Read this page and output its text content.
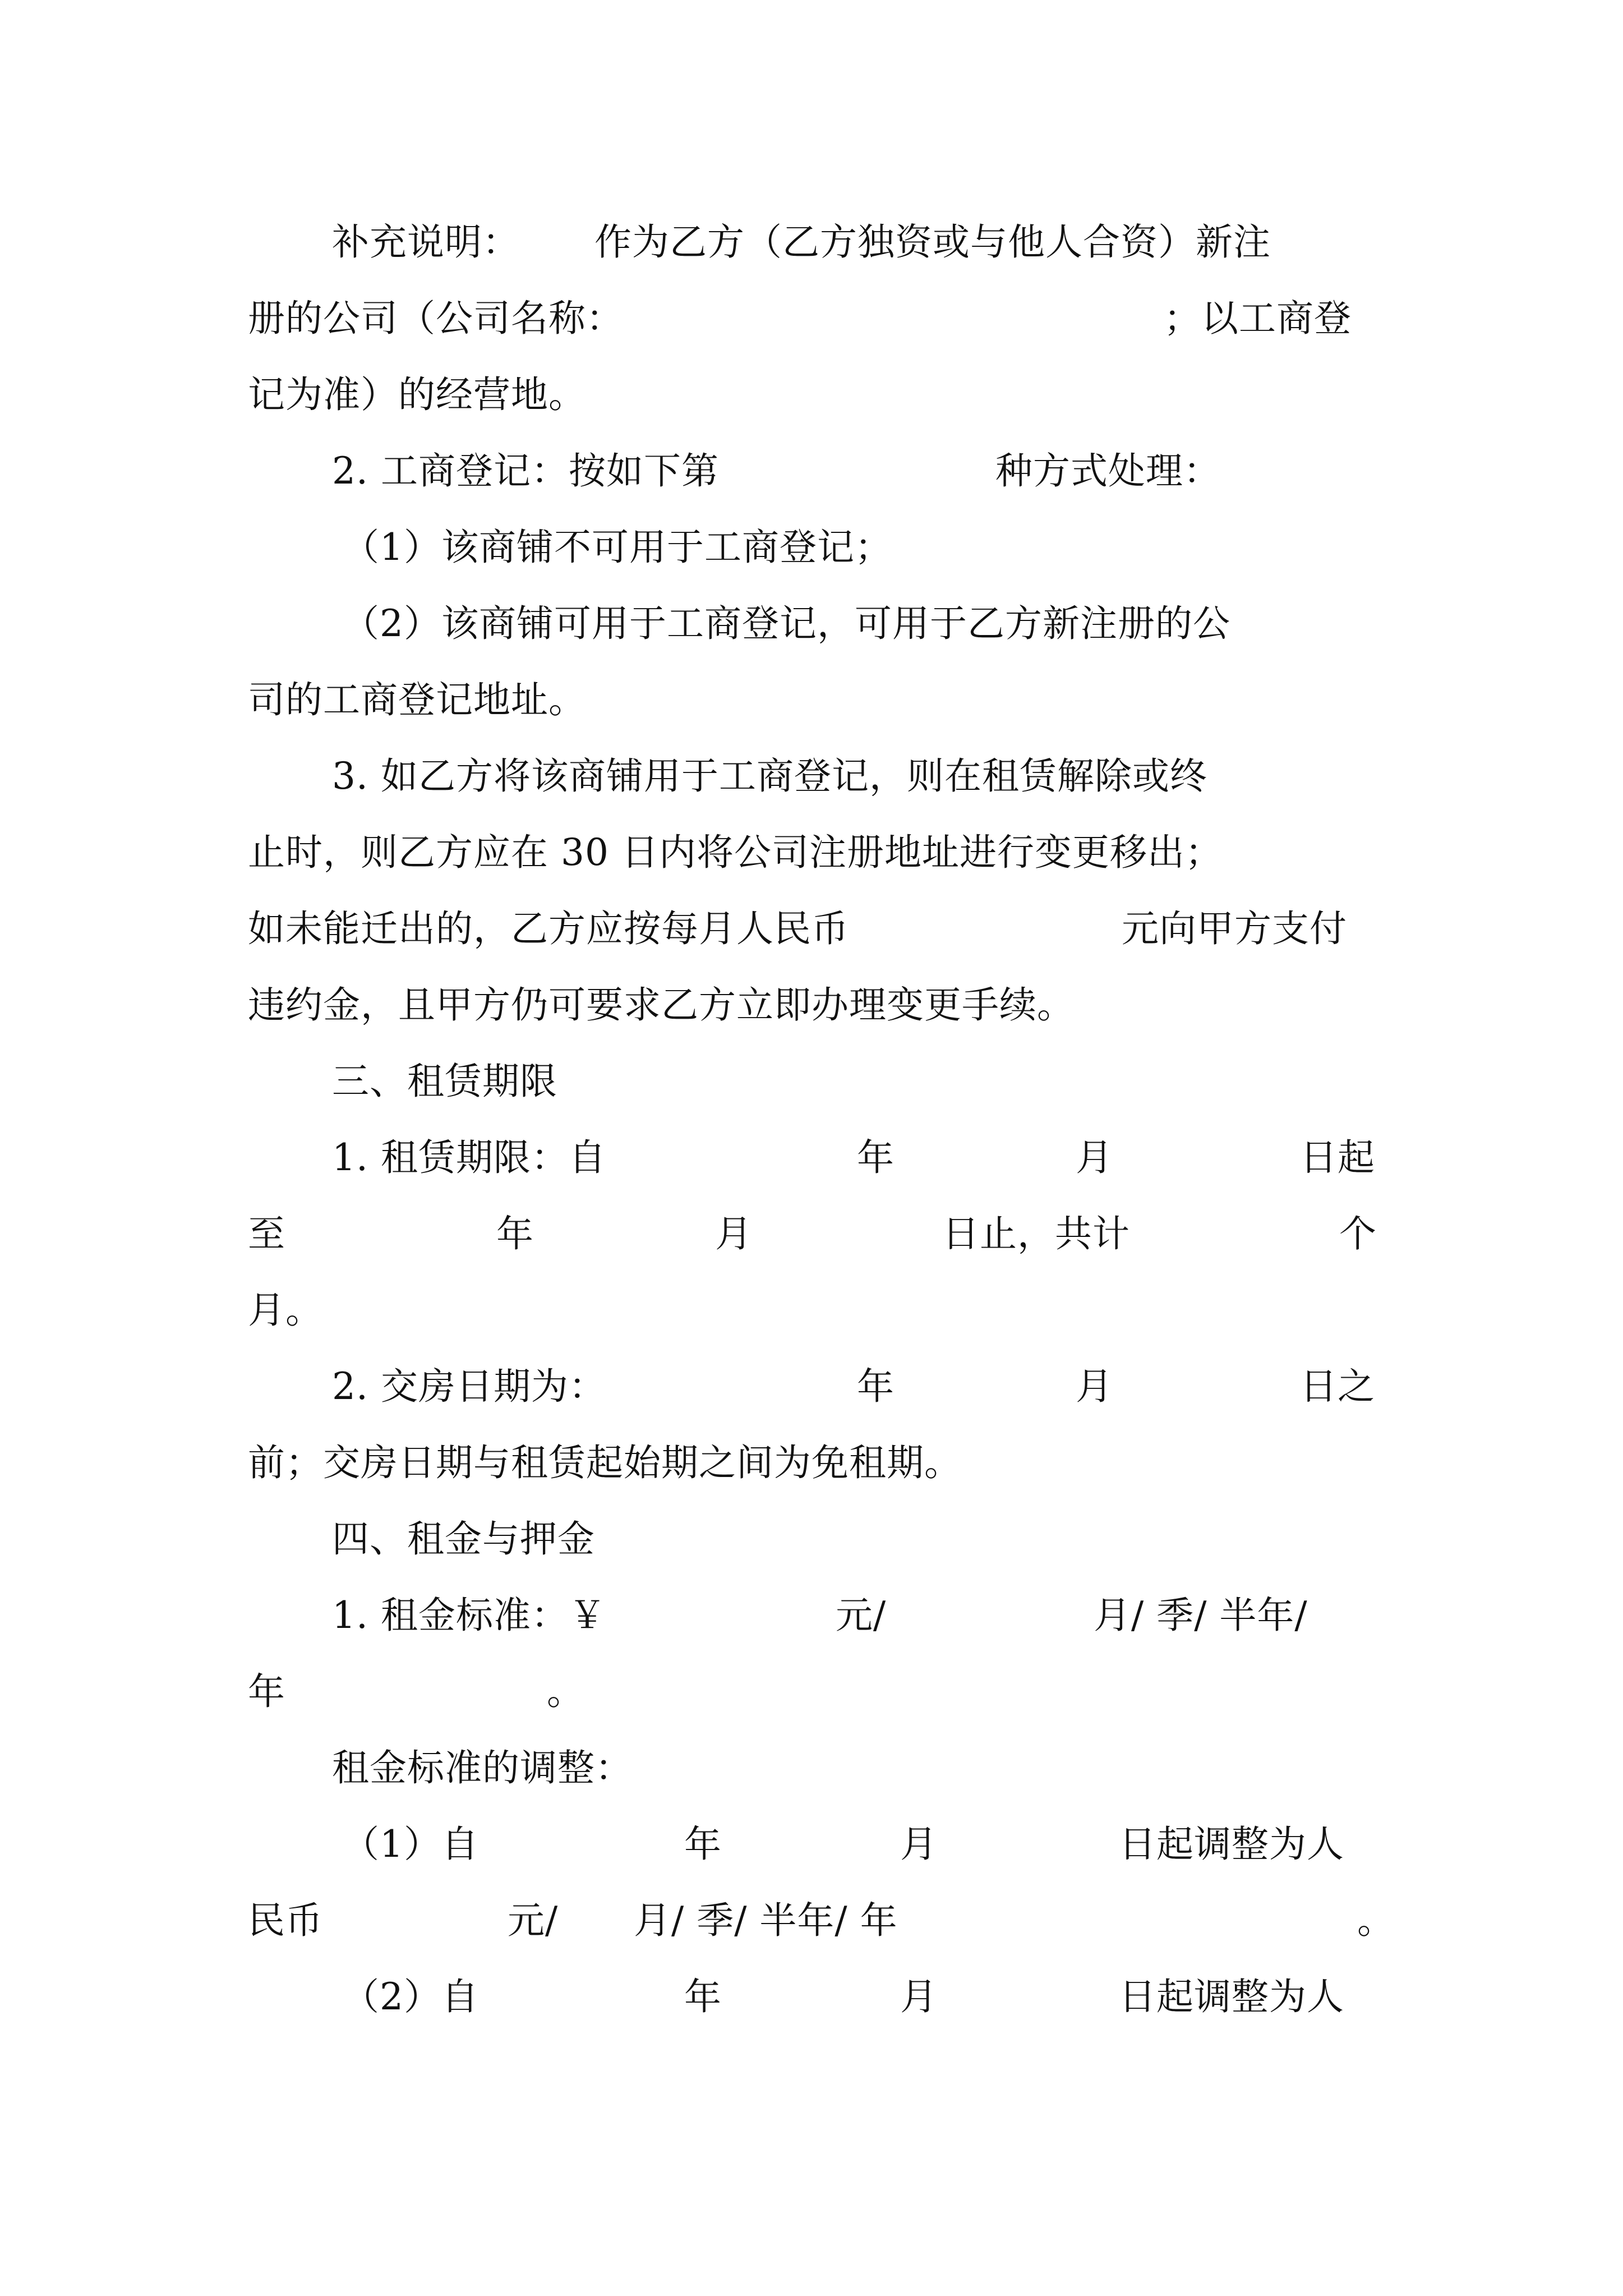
补充说明： 作为乙方（乙方独资或与他人合资）新注
册的公司（公司名称：	；以工商登
记为准）的经营地。
2. 工商登记：按如下第	种方式处理：
（1）该商铺不可用于工商登记；
（2）该商铺可用于工商登记，可用于乙方新注册的公
司的工商登记地址。
3. 如乙方将该商铺用于工商登记，则在租赁解除或终
止时，则乙方应在 30 日内将公司注册地址进行变更移出；
如未能迁出的，乙方应按每月人民币	元向甲方支付
违约金，且甲方仍可要求乙方立即办理变更手续。
三、租赁期限
1. 租赁期限：自	年	月	日起
至	年	月	日止，共计	个
月。
2. 交房日期为：	年	月	日之
前；交房日期与租赁起始期之间为免租期。
四、租金与押金
1. 租金标准：￥	元/	月/ 季/ 半年/
年	。
租金标准的调整：
（1）自	年	月	日起调整为人
民币	元/ 月/ 季/ 半年/ 年	。
（2）自	年	月	日起调整为人
